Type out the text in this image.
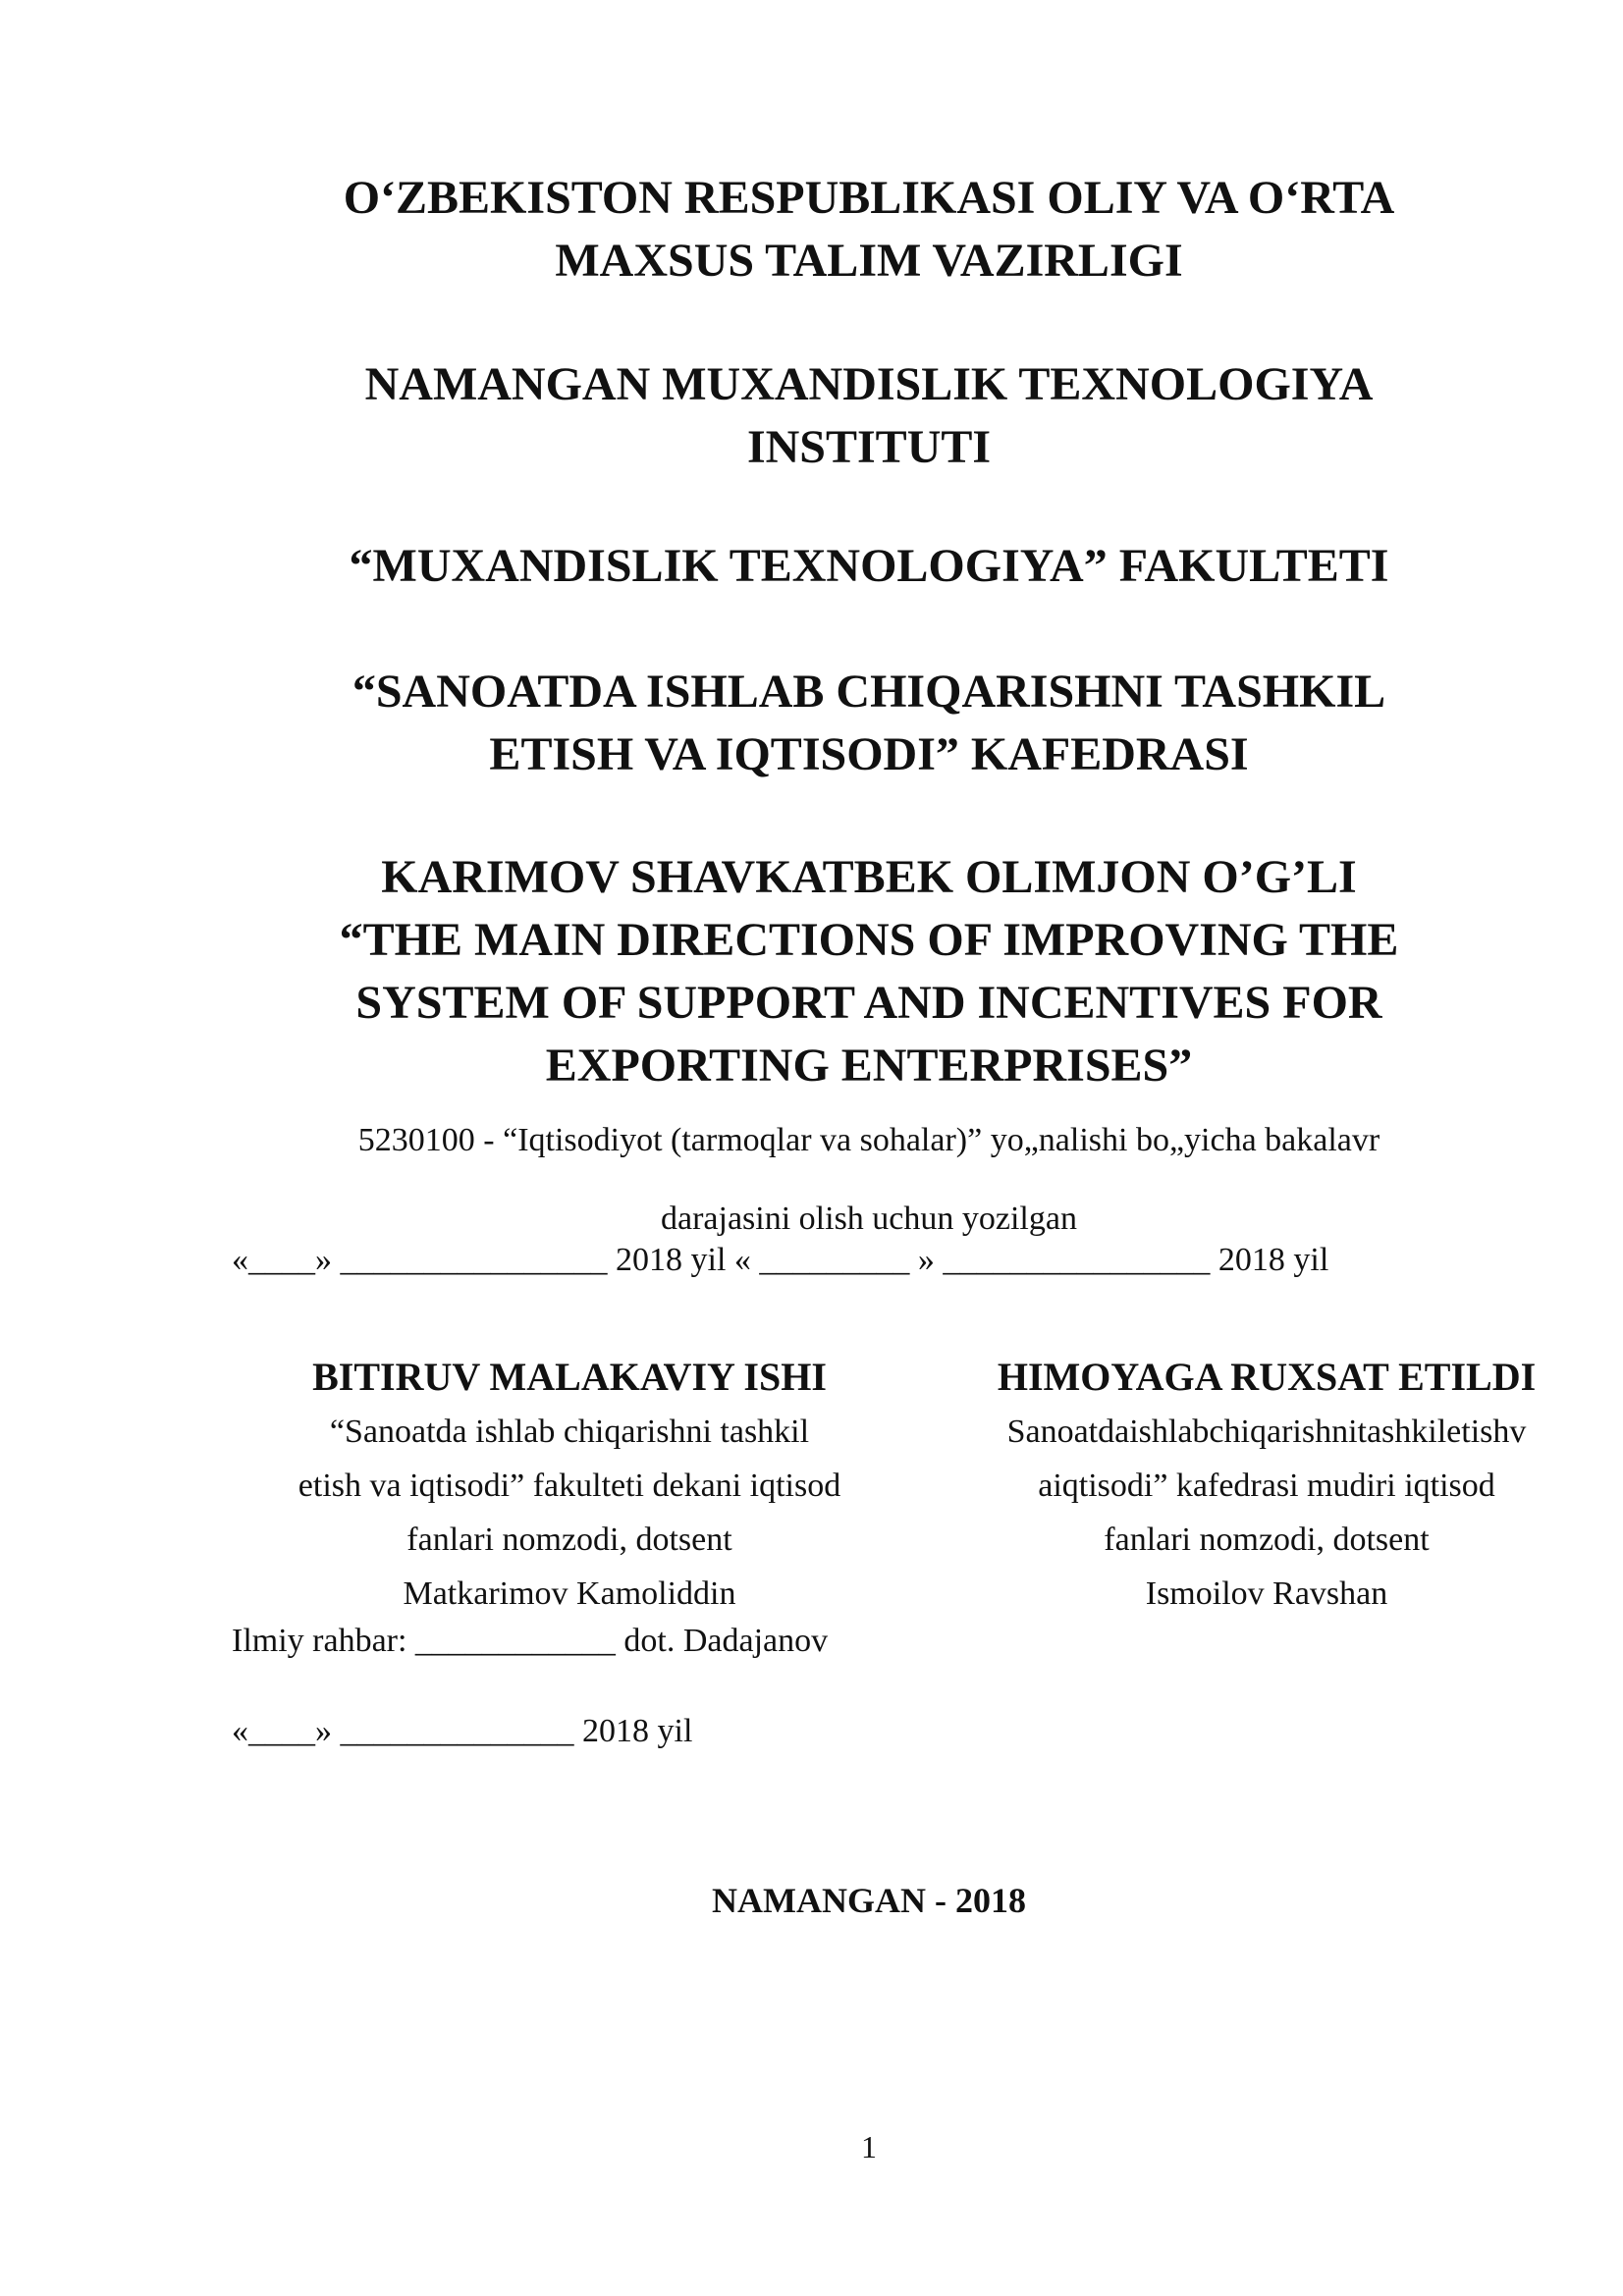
OʻZBEKISTON RESPUBLIKASI OLIY VA OʻRTA
MAXSUS TALIM VAZIRLIGI
NAMANGAN MUXANDISLIK TEXNOLOGIYA
INSTITUTI
“MUXANDISLIK TEXNOLOGIYA” FAKULTETI
“SANOATDA ISHLAB CHIQARISHNI TASHKIL
ETISH VA IQTISODI” KAFEDRASI
KARIMOV SHAVKATBEK OLIMJON O’G’LI
“THE MAIN DIRECTIONS OF IMPROVING THE
SYSTEM OF SUPPORT AND INCENTIVES FOR
EXPORTING ENTERPRISES”
5230100 - “Iqtisodiyot (tarmoqlar va sohalar)” yo„nalishi bo„yicha bakalavr
darajasini olish uchun yozilgan
«____» ________________ 2018 yil « _________ » ________________ 2018 yil
BITIRUV MALAKAVIY ISHI
“Sanoatda ishlab chiqarishni tashkil
etish va iqtisodi” fakulteti dekani iqtisod
fanlari nomzodi, dotsent
Matkarimov Kamoliddin
HIMOYAGA RUXSAT ETILDI
Sanoatdaishlabchiqarishnitashkiletishv
aiqtisodi” kafedrasi mudiri iqtisod
fanlari nomzodi, dotsent
Ismoilov Ravshan
Ilmiy rahbar: ____________ dot. Dadajanov
«____» ______________ 2018 yil
NAMANGAN - 2018
1
